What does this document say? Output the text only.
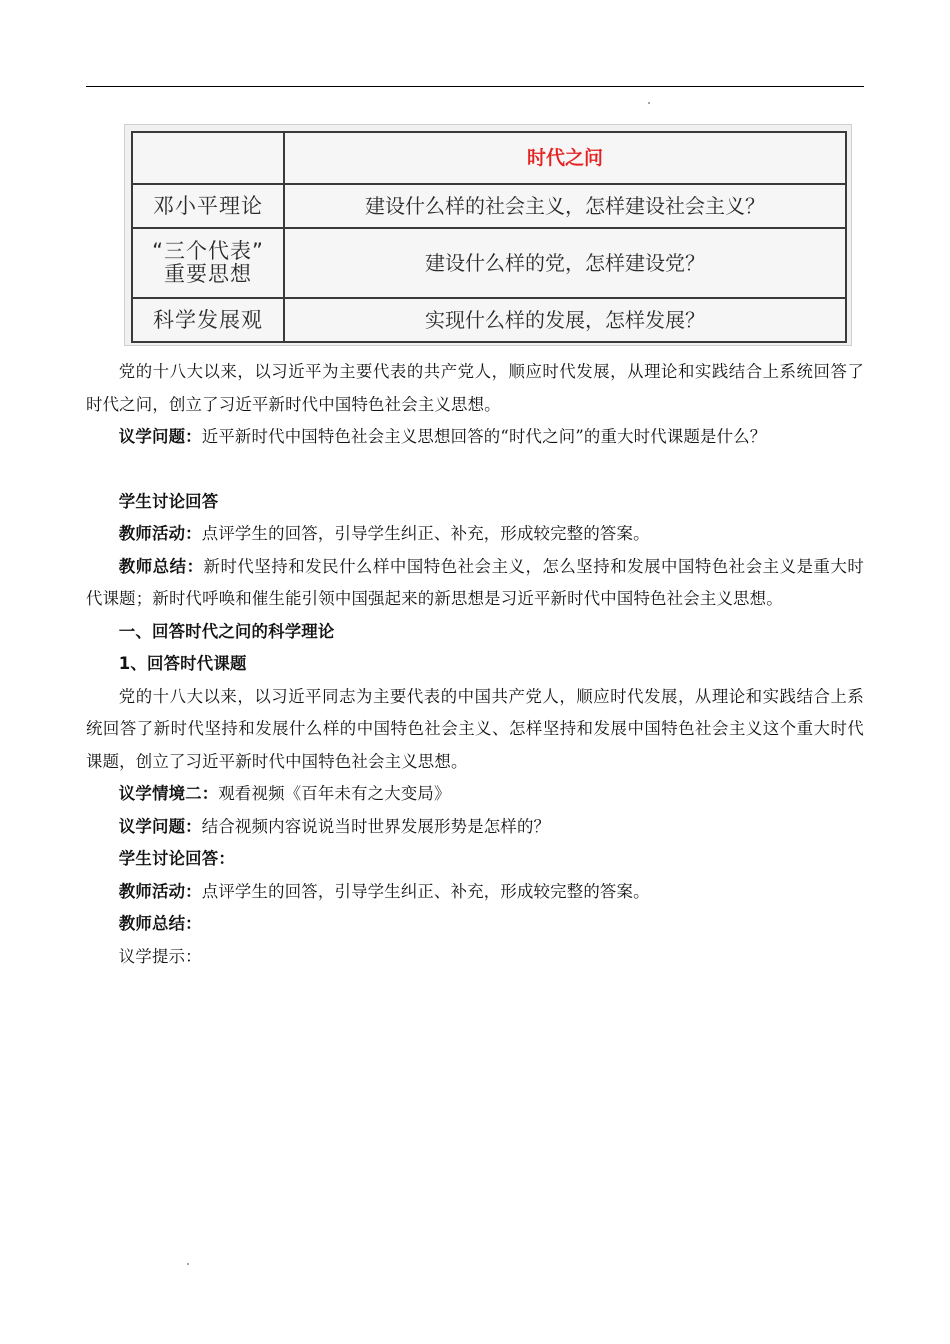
	时代之问
邓小平理论	建设什么样的社会主义，怎样建设社会主义？

“三个代表”
重要思想	建设什么样的党，怎样建设党？
科学发展观	实现什么样的发展，怎样发展？

党的十八大以来，以习近平为主要代表的共产党人，顺应时代发展，从理论和实践结合上系统回答了时代之问，创立了习近平新时代中国特色社会主义思想。

议学问题：近平新时代中国特色社会主义思想回答的“时代之问”的重大时代课题是什么？

学生讨论回答

教师活动：点评学生的回答，引导学生纠正、补充，形成较完整的答案。

教师总结：新时代坚持和发民什么样中国特色社会主义，怎么坚持和发展中国特色社会主义是重大时代课题；新时代呼唤和催生能引领中国强起来的新思想是习近平新时代中国特色社会主义思想。

一、回答时代之问的科学理论

1、回答时代课题

党的十八大以来，以习近平同志为主要代表的中国共产党人，顺应时代发展，从理论和实践结合上系统回答了新时代坚持和发展什么样的中国特色社会主义、怎样坚持和发展中国特色社会主义这个重大时代课题，创立了习近平新时代中国特色社会主义思想。

议学情境二：观看视频《百年未有之大变局》

议学问题：结合视频内容说说当时世界发展形势是怎样的？

学生讨论回答：

教师活动：点评学生的回答，引导学生纠正、补充，形成较完整的答案。

教师总结：

议学提示：
